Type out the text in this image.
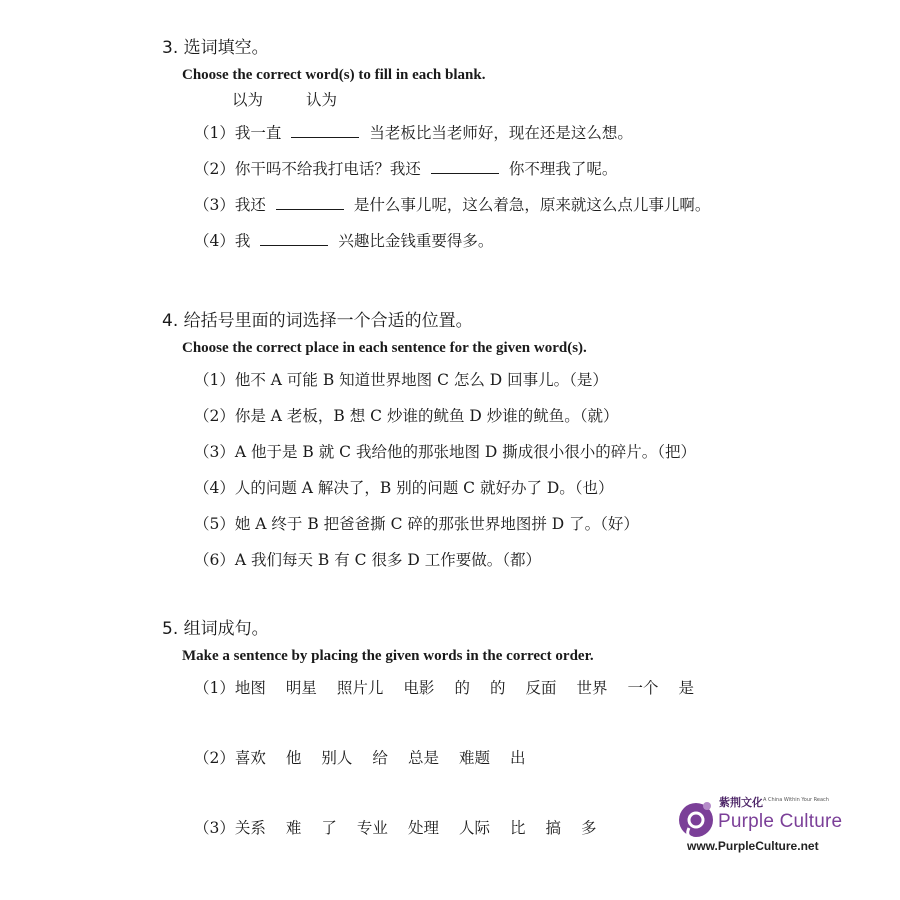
3. 选词填空。
Choose the correct word(s) to fill in each blank.
以为	认为
（1）我一直	当老板比当老师好，现在还是这么想。
（2）你干吗不给我打电话？我还	你不理我了呢。
（3）我还	是什么事儿呢，这么着急，原来就这么点儿事儿啊。
（4）我	兴趣比金钱重要得多。
4. 给括号里面的词选择一个合适的位置。
Choose the correct place in each sentence for the given word(s).
（1）他不 A 可能 B 知道世界地图 C 怎么 D 回事儿。（是）
（2）你是 A 老板，B 想 C 炒谁的鱿鱼 D 炒谁的鱿鱼。（就）
（3）A 他于是 B 就 C 我给他的那张地图 D 撕成很小很小的碎片。（把）
（4）人的问题 A 解决了，B 别的问题 C 就好办了 D。（也）
（5）她 A 终于 B 把爸爸撕 C 碎的那张世界地图拼 D 了。（好）
（6）A 我们每天 B 有 C 很多 D 工作要做。（都）
5. 组词成句。
Make a sentence by placing the given words in the correct order.
（1）地图 明星 照片儿 电影 的 的 反面 世界 一个 是
（2）喜欢 他 别人 给 总是 难题 出
（3）关系 难 了 专业 处理 人际 比 搞 多
紫荆文化 A China Within Your Reach
Purple Culture
www.PurpleCulture.net
